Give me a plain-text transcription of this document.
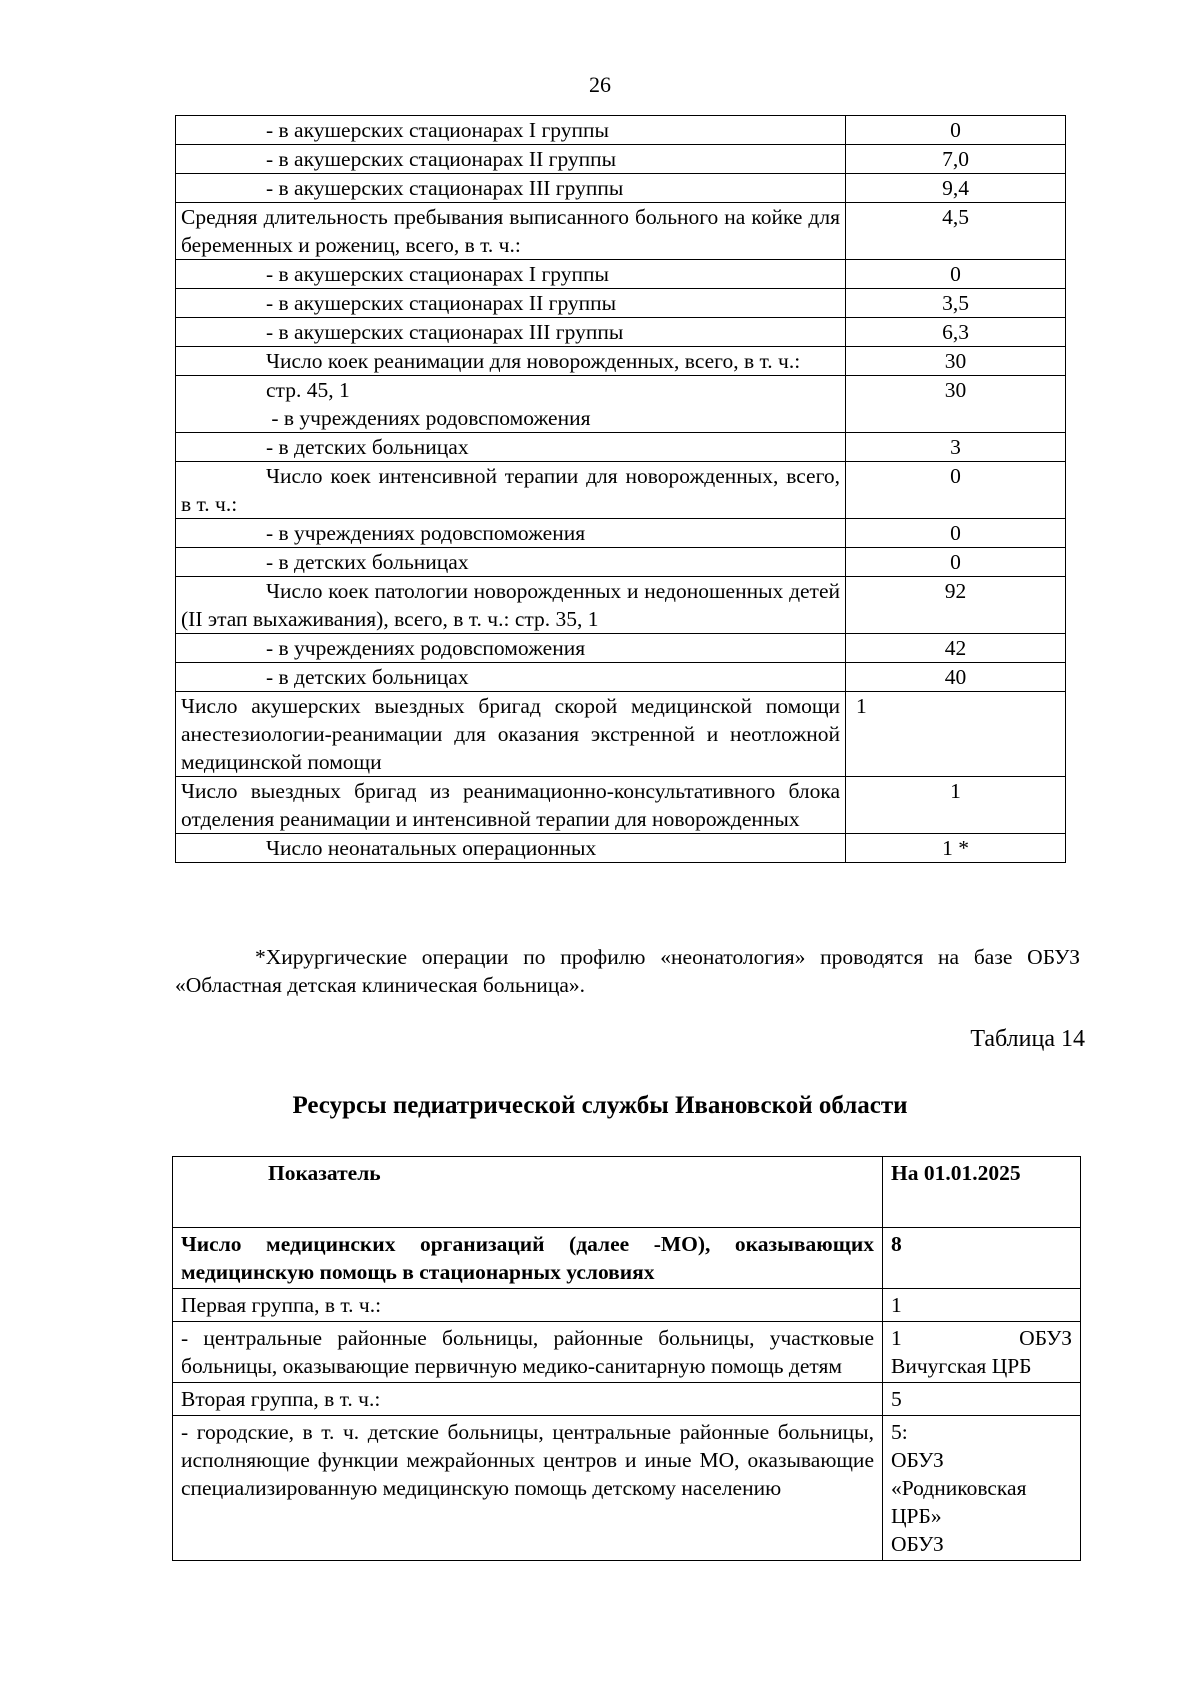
26
- в акушерских стационарах I группы	0
- в акушерских стационарах II группы	7,0
- в акушерских стационарах III группы	9,4
Средняя длительность пребывания выписанного больного на койке для беременных и рожениц, всего, в т. ч.:	4,5
- в акушерских стационарах I группы	0
- в акушерских стационарах II группы	3,5
- в акушерских стационарах III группы	6,3
Число коек реанимации для новорожденных, всего, в т. ч.:	30

стр. 45, 1
- в учреждениях родовспоможения	30
- в детских больницах	3
Число коек интенсивной терапии для новорожденных, всего, в т. ч.:	0
- в учреждениях родовспоможения	0
- в детских больницах	0
Число коек патологии новорожденных и недоношенных детей (II этап выхаживания), всего, в т. ч.: стр. 35, 1	92
- в учреждениях родовспоможения	42
- в детских больницах	40
Число акушерских выездных бригад скорой медицинской помощи анестезиологии-реанимации для оказания экстренной и неотложной медицинской помощи	1
Число выездных бригад из реанимационно-консультативного блока отделения реанимации и интенсивной терапии для новорожденных	1
Число неонатальных операционных	1 *
*Хирургические операции по профилю «неонатология» проводятся на базе ОБУЗ «Областная детская клиническая больница».
Таблица 14
Ресурсы педиатрической службы Ивановской области
Показатель	На 01.01.2025
Число медицинских организаций (далее -МО), оказывающих медицинскую помощь в стационарных условиях	8
Первая группа, в т. ч.:	1
- центральные районные больницы, районные больницы, участковые больницы, оказывающие первичную медико-санитарную помощь детям	1 ОБУЗ
Вичугская ЦРБ

Вторая группа, в т. ч.:	5
- городские, в т. ч. детские больницы, центральные районные больницы, исполняющие функции межрайонных центров и иные МО, оказывающие специализированную медицинскую помощь детскому населению	5:
ОБУЗ
«Родниковская
ЦРБ»
ОБУЗ
